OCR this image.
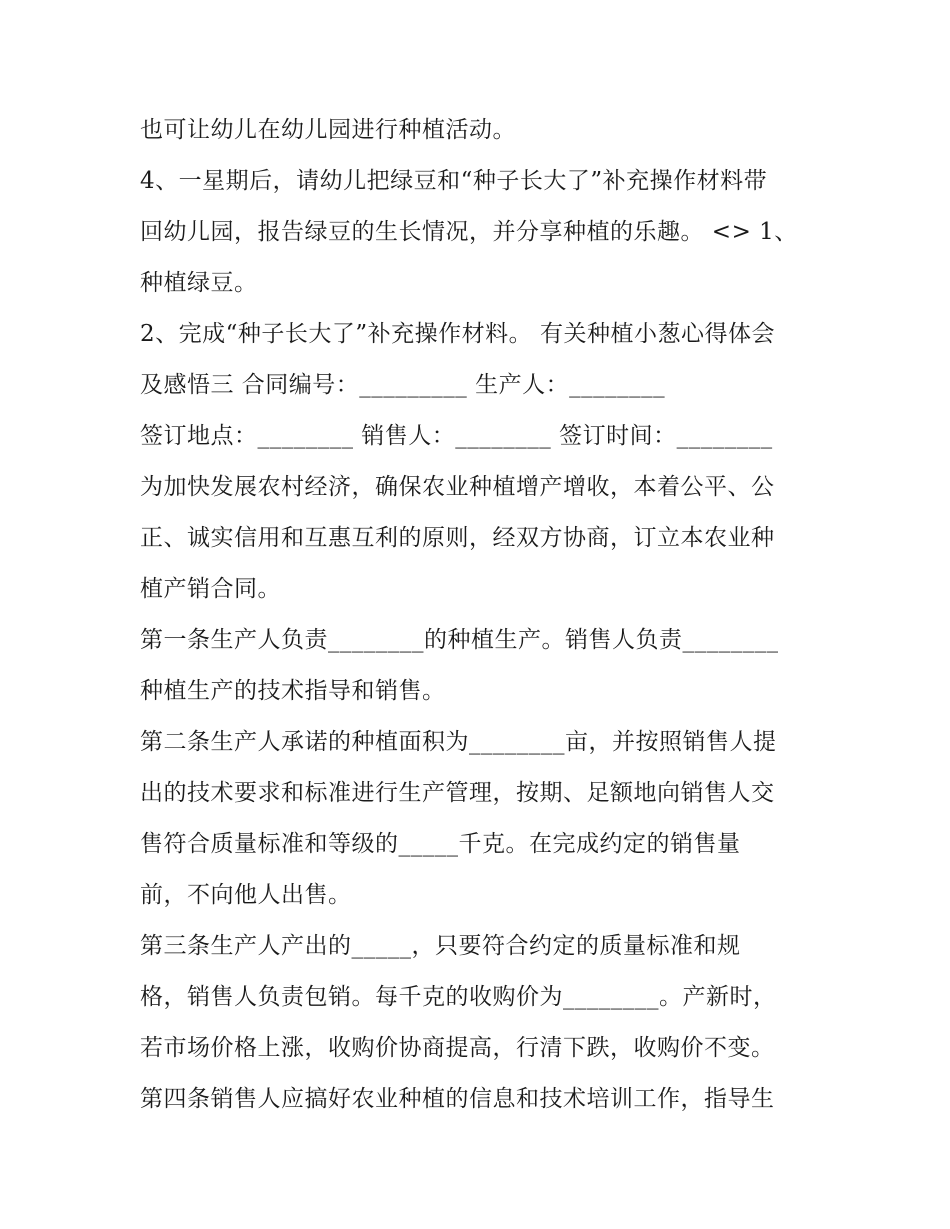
也可让幼儿在幼儿园进行种植活动。
4、一星期后，请幼儿把绿豆和“种子长大了”补充操作材料带
回幼儿园，报告绿豆的生长情况，并分享种植的乐趣。 <> 1、
种植绿豆。
2、完成“种子长大了”补充操作材料。 有关种植小葱心得体会
及感悟三 合同编号：_________ 生产人：________
签订地点：________ 销售人：________ 签订时间：________
为加快发展农村经济，确保农业种植增产增收，本着公平、公
正、诚实信用和互惠互利的原则，经双方协商，订立本农业种
植产销合同。
第一条生产人负责________的种植生产。销售人负责________
种植生产的技术指导和销售。
第二条生产人承诺的种植面积为________亩，并按照销售人提
出的技术要求和标准进行生产管理，按期、足额地向销售人交
售符合质量标准和等级的_____千克。在完成约定的销售量
前，不向他人出售。
第三条生产人产出的_____，只要符合约定的质量标准和规
格，销售人负责包销。每千克的收购价为________。产新时，
若市场价格上涨，收购价协商提高，行清下跌，收购价不变。
第四条销售人应搞好农业种植的信息和技术培训工作，指导生
